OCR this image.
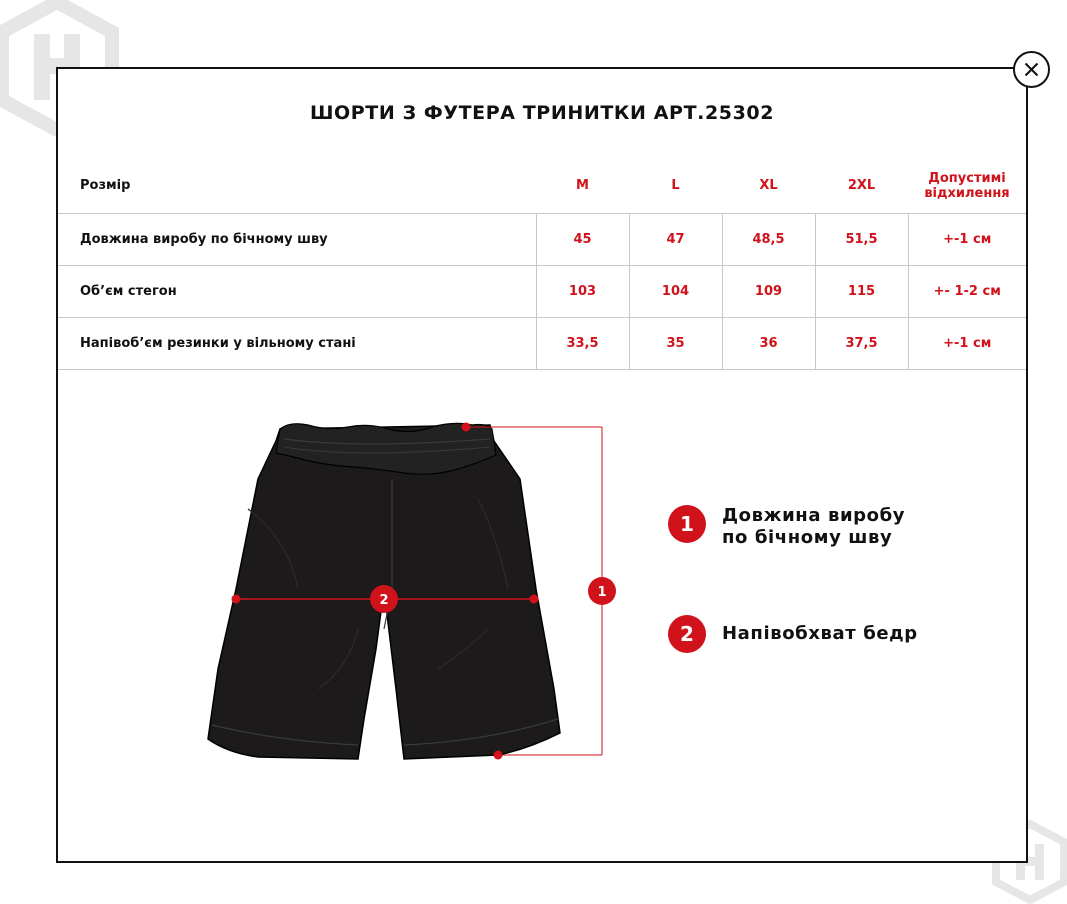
ШОРТИ З ФУТЕРА ТРИНИТКИ АРТ.25302
Розмір	M	L	XL	2XL	Допустимі
відхилення
Довжина виробу по бічному шву	45	47	48,5	51,5	+-1 см
Об’єм стегон	103	104	109	115	+- 1-2 см
Напівоб’єм резинки у вільному стані	33,5	35	36	37,5	+-1 см
1
2
1	Довжина виробу
по бічному шву
2	Напівобхват бедр
